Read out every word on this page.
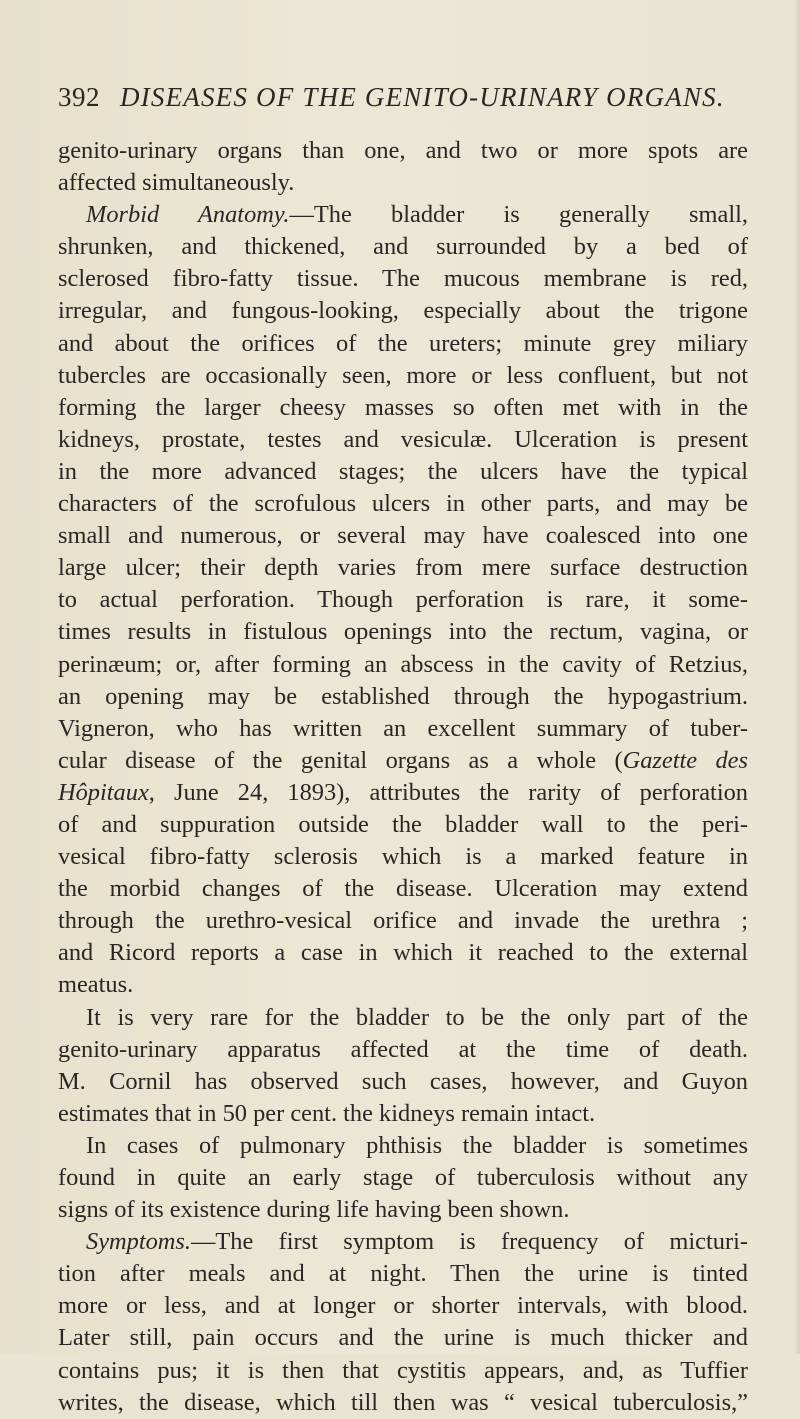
392 DISEASES OF THE GENITO-URINARY ORGANS.
genito-urinary organs than one, and two or more spots are
affected simultaneously.
Morbid Anatomy.—The bladder is generally small,
shrunken, and thickened, and surrounded by a bed of
sclerosed fibro-fatty tissue. The mucous membrane is red,
irregular, and fungous-looking, especially about the trigone
and about the orifices of the ureters; minute grey miliary
tubercles are occasionally seen, more or less confluent, but not
forming the larger cheesy masses so often met with in the
kidneys, prostate, testes and vesiculæ. Ulceration is present
in the more advanced stages; the ulcers have the typical
characters of the scrofulous ulcers in other parts, and may be
small and numerous, or several may have coalesced into one
large ulcer; their depth varies from mere surface destruction
to actual perforation. Though perforation is rare, it some-
times results in fistulous openings into the rectum, vagina, or
perinæum; or, after forming an abscess in the cavity of Retzius,
an opening may be established through the hypogastrium.
Vigneron, who has written an excellent summary of tuber-
cular disease of the genital organs as a whole (Gazette des
Hôpitaux, June 24, 1893), attributes the rarity of perforation
of and suppuration outside the bladder wall to the peri-
vesical fibro-fatty sclerosis which is a marked feature in
the morbid changes of the disease. Ulceration may extend
through the urethro-vesical orifice and invade the urethra ;
and Ricord reports a case in which it reached to the external
meatus.
It is very rare for the bladder to be the only part of the
genito-urinary apparatus affected at the time of death.
M. Cornil has observed such cases, however, and Guyon
estimates that in 50 per cent. the kidneys remain intact.
In cases of pulmonary phthisis the bladder is sometimes
found in quite an early stage of tuberculosis without any
signs of its existence during life having been shown.
Symptoms.—The first symptom is frequency of micturi-
tion after meals and at night. Then the urine is tinted
more or less, and at longer or shorter intervals, with blood.
Later still, pain occurs and the urine is much thicker and
contains pus; it is then that cystitis appears, and, as Tuffier
writes, the disease, which till then was “ vesical tuberculosis,”
